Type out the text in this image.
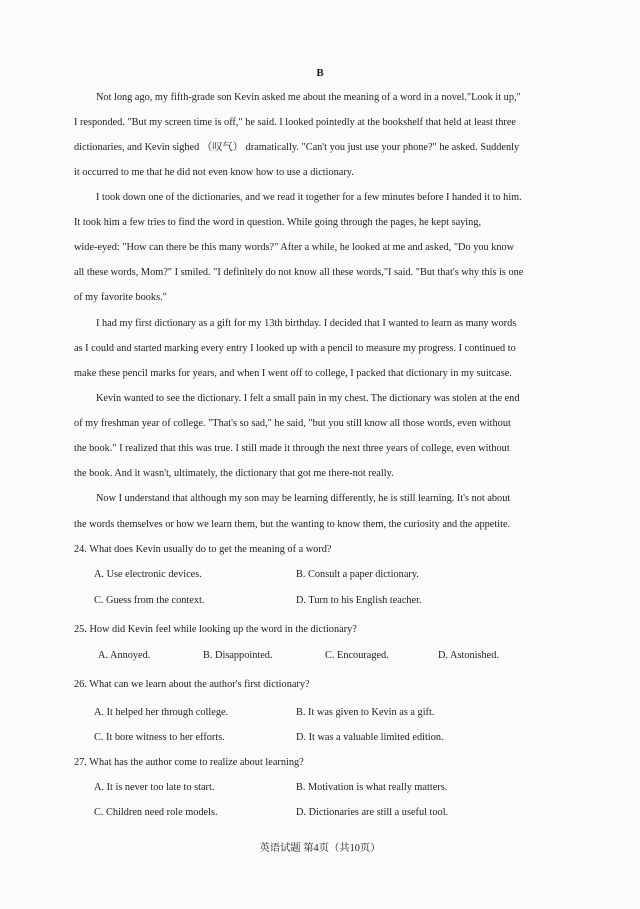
B
Not long ago, my fifth-grade son Kevin asked me about the meaning of a word in a novel."Look it up,"
I responded. "But my screen time is off," he said. I looked pointedly at the bookshelf that held at least three
dictionaries, and Kevin sighed （叹气） dramatically. "Can't you just use your phone?" he asked. Suddenly
it occurred to me that he did not even know how to use a dictionary.
I took down one of the dictionaries, and we read it together for a few minutes before I handed it to him.
It took him a few tries to find the word in question. While going through the pages, he kept saying,
wide-eyed: "How can there be this many words?" After a while, he looked at me and asked, "Do you know
all these words, Mom?" I smiled. "I definitely do not know all these words,"I said. "But that's why this is one
of my favorite books."
I had my first dictionary as a gift for my 13th birthday. I decided that I wanted to learn as many words
as I could and started marking every entry I looked up with a pencil to measure my progress. I continued to
make these pencil marks for years, and when I went off to college, I packed that dictionary in my suitcase.
Kevin wanted to see the dictionary. I felt a small pain in my chest. The dictionary was stolen at the end
of my freshman year of college. "That's so sad," he said, "but you still know all those words, even without
the book." I realized that this was true. I still made it through the next three years of college, even without
the book. And it wasn't, ultimately, the dictionary that got me there-not really.
Now I understand that although my son may be learning differently, he is still learning. It's not about
the words themselves or how we learn them, but the wanting to know them, the curiosity and the appetite.
24. What does Kevin usually do to get the meaning of a word?
A. Use electronic devices.	B. Consult a paper dictionary.
C. Guess from the context.	D. Turn to his English teacher.
25. How did Kevin feel while looking up the word in the dictionary?
A. Annoyed.	B. Disappointed.	C. Encouraged.	D. Astonished.
26. What can we learn about the author's first dictionary?
A. It helped her through college.	B. It was given to Kevin as a gift.
C. It bore witness to her efforts.	D. It was a valuable limited edition.
27. What has the author come to realize about learning?
A. It is never too late to start.	B. Motivation is what really matters.
C. Children need role models.	D. Dictionaries are still a useful tool.
英语试题 第4页（共10页）
